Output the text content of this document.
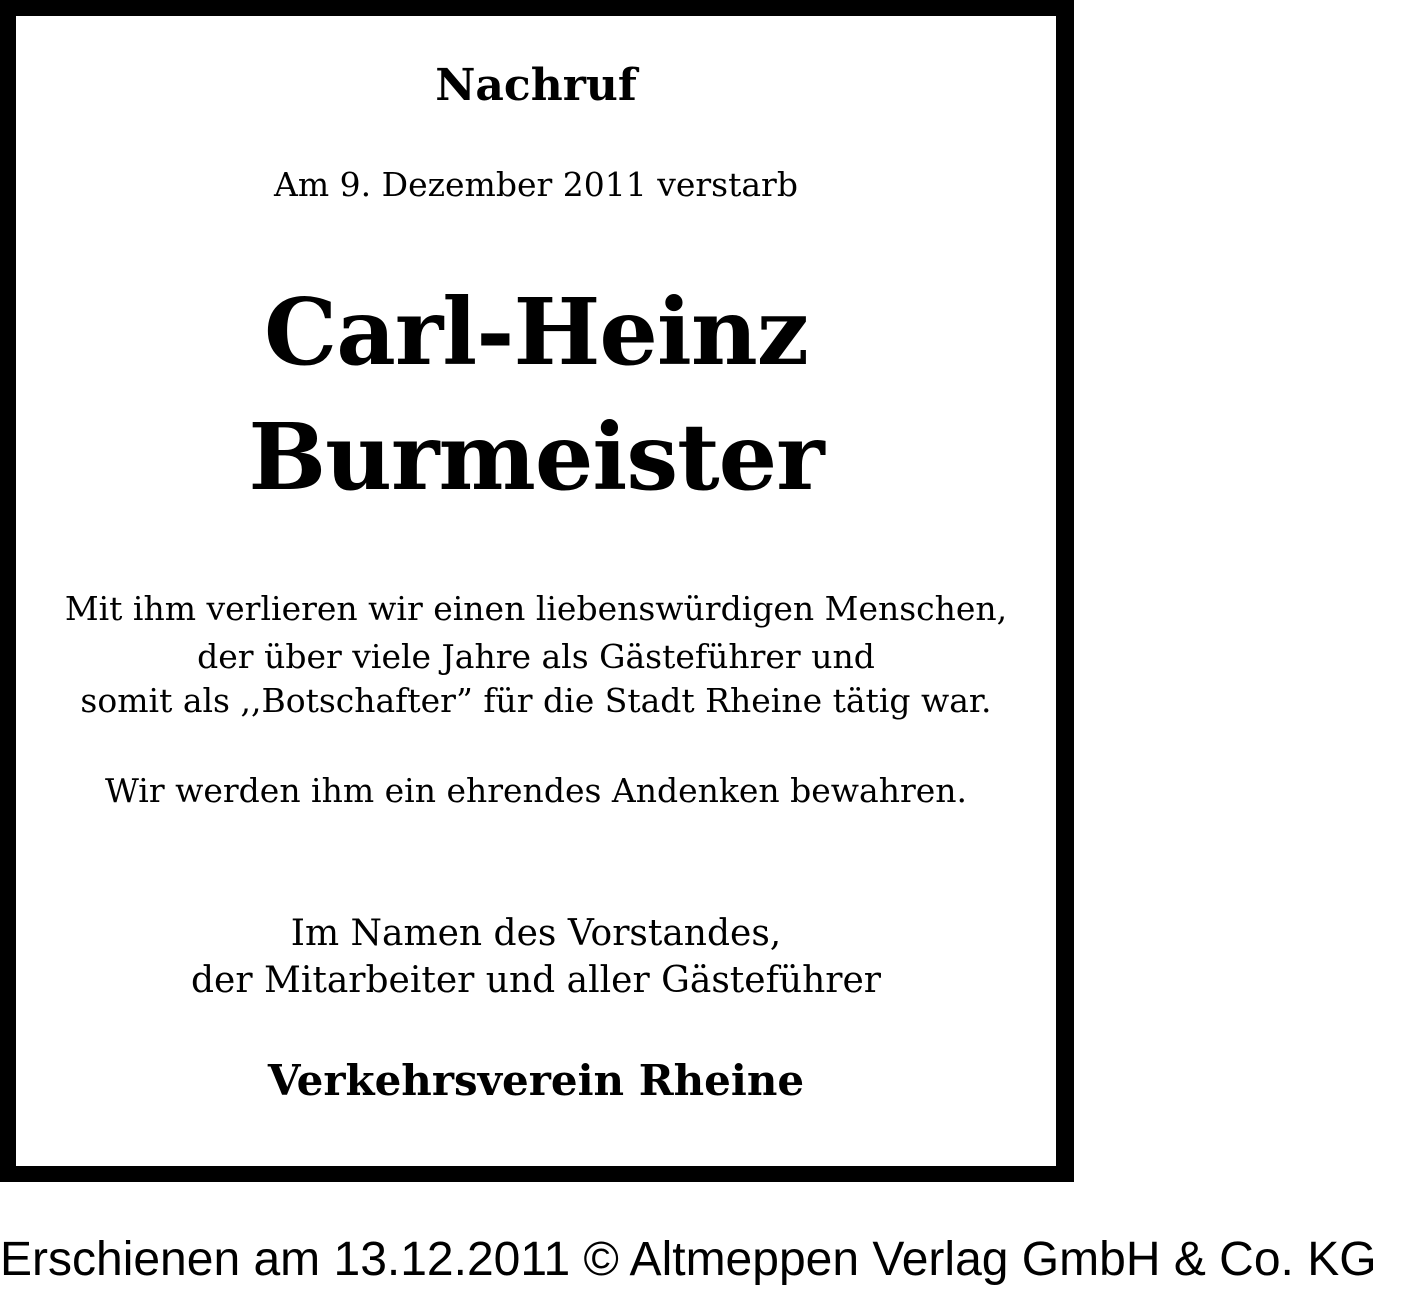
Nachruf
Am 9. Dezember 2011 verstarb
Carl-Heinz
Burmeister
Mit ihm verlieren wir einen liebenswürdigen Menschen,
der über viele Jahre als Gästeführer und
somit als ,,Botschafter” für die Stadt Rheine tätig war.
Wir werden ihm ein ehrendes Andenken bewahren.
Im Namen des Vorstandes,
der Mitarbeiter und aller Gästeführer
Verkehrsverein Rheine
Erschienen am 13.12.2011 © Altmeppen Verlag GmbH & Co. KG
